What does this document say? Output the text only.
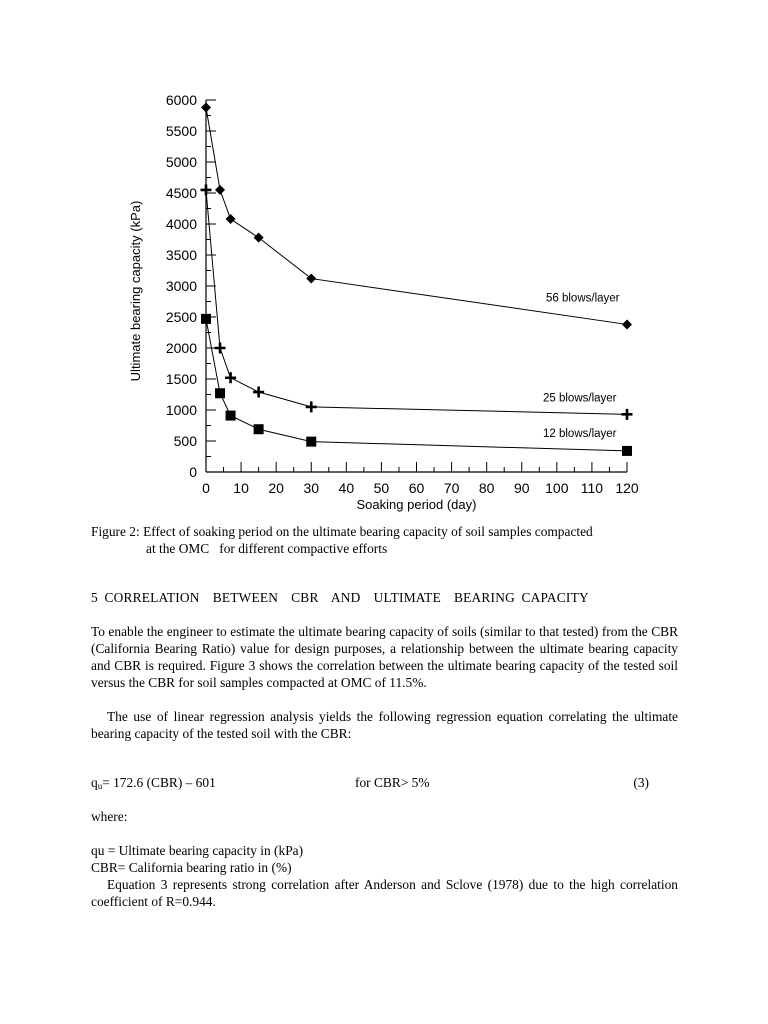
0
500
1000
1500
2000
2500
3000
3500
4000
4500
5000
5500
6000
0 10 20 30 40 50 60 70 80 90 100 110 120
Soaking period (day)
Ultimate bearing capacity (kPa)	56 blows/layer
25 blows/layer
12 blows/layer
Figure 2: Effect of soaking period on the ultimate bearing capacity of soil samples compacted
at the OMC   for different compactive efforts
5 CORRELATION  BETWEEN  CBR  AND  ULTIMATE  BEARING CAPACITY
To enable the engineer to estimate the ultimate bearing capacity of soils (similar to that tested) from the CBR (California Bearing Ratio) value for design purposes, a relationship between the ultimate bearing capacity and CBR is required. Figure 3 shows the correlation between the ultimate bearing capacity of the tested soil versus the CBR for soil samples compacted at OMC of 11.5%.
The use of linear regression analysis yields the following regression equation correlating the ultimate bearing capacity of the tested soil with the CBR:
$q_u= 172.6$ (CBR) – 601	for CBR> 5%	(3)
where:
qu = Ultimate bearing capacity in (kPa)
CBR= California bearing ratio in (%)
Equation 3 represents strong correlation after Anderson and Sclove (1978) due to the high correlation coefficient of R=0.944.
